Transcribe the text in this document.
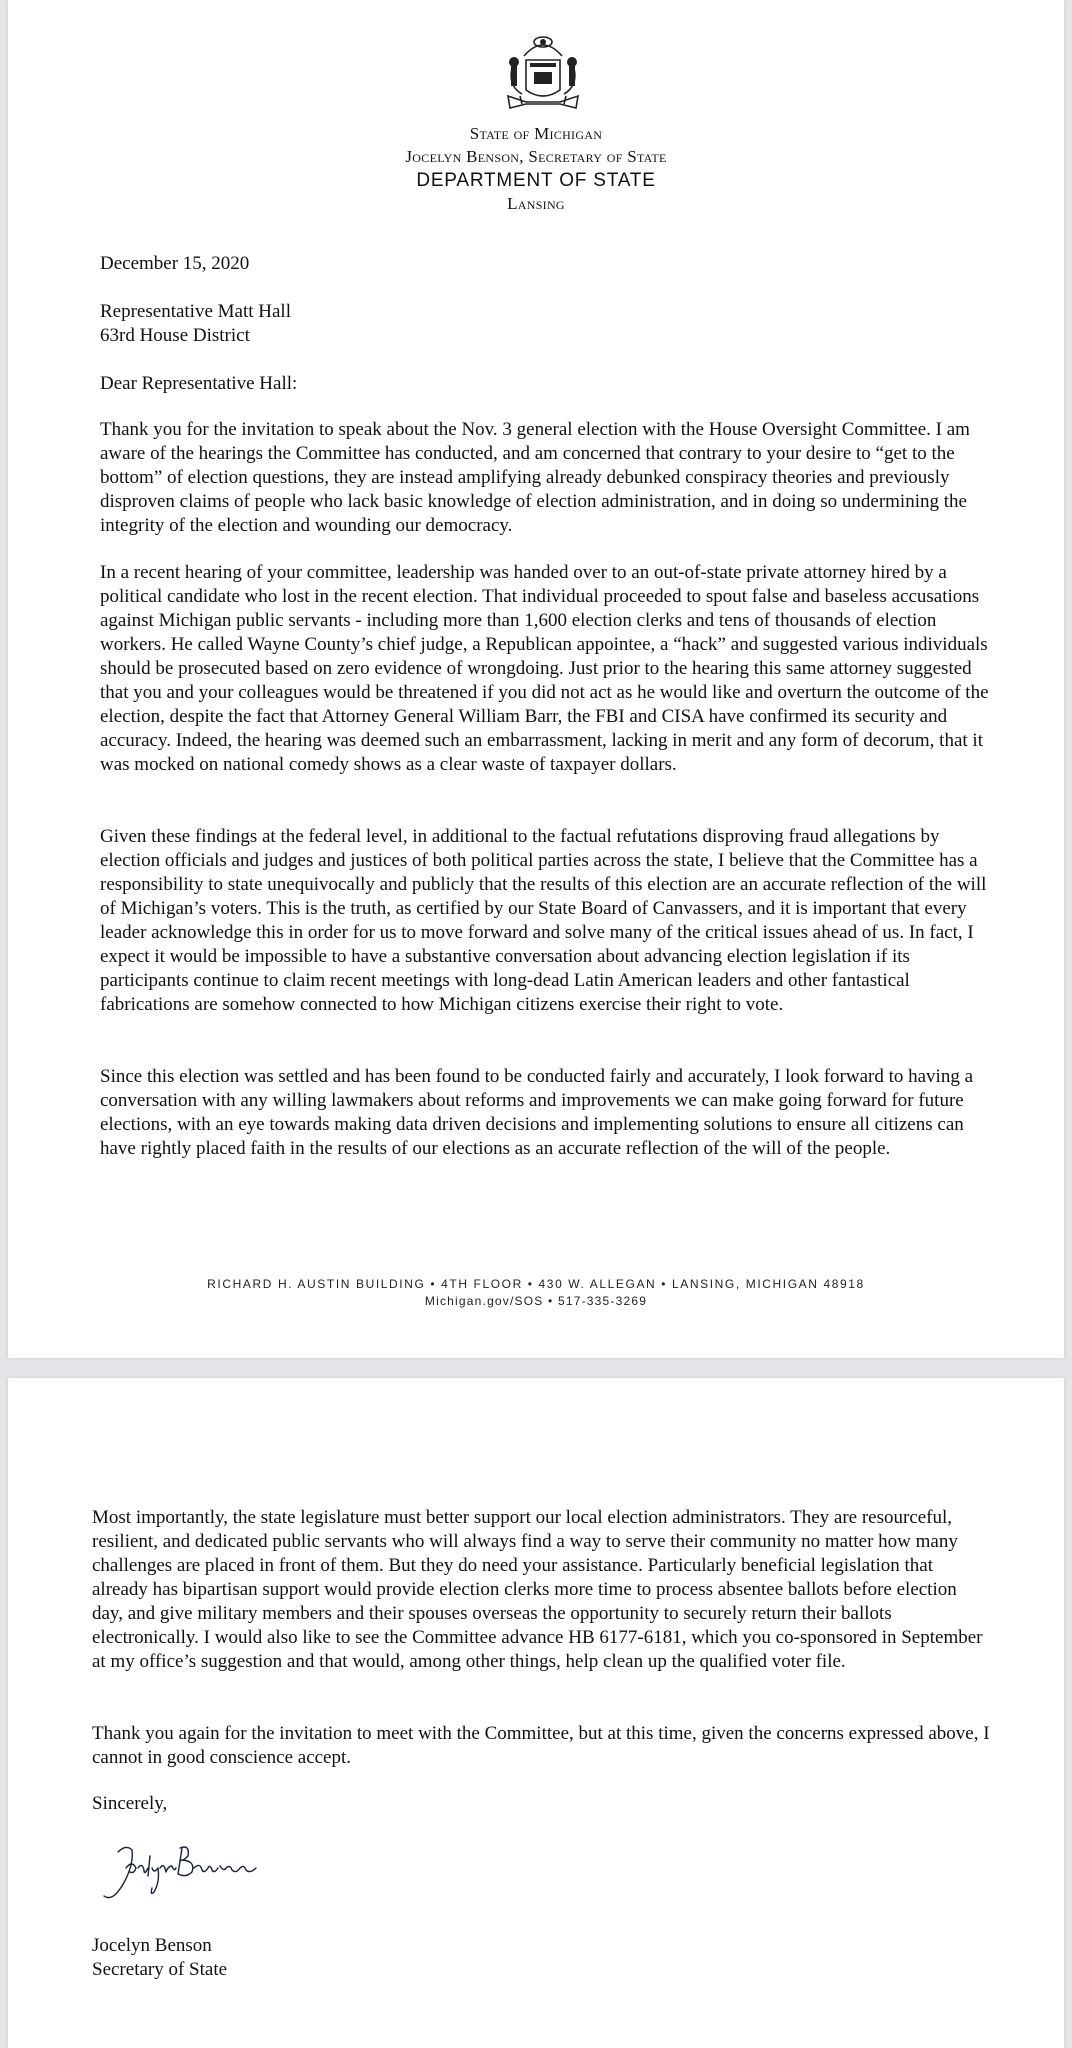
State of Michigan
Jocelyn Benson, Secretary of State
DEPARTMENT OF STATE
Lansing
December 15, 2020
Representative Matt Hall
63rd House District
Dear Representative Hall:
Thank you for the invitation to speak about the Nov. 3 general election with the House Oversight Committee. I am aware of the hearings the Committee has conducted, and am concerned that contrary to your desire to “get to the bottom” of election questions, they are instead amplifying already debunked conspiracy theories and previously disproven claims of people who lack basic knowledge of election administration, and in doing so undermining the integrity of the election and wounding our democracy.
In a recent hearing of your committee, leadership was handed over to an out-of-state private attorney hired by a political candidate who lost in the recent election. That individual proceeded to spout false and baseless accusations against Michigan public servants - including more than 1,600 election clerks and tens of thousands of election workers. He called Wayne County’s chief judge, a Republican appointee, a “hack” and suggested various individuals should be prosecuted based on zero evidence of wrongdoing. Just prior to the hearing this same attorney suggested that you and your colleagues would be threatened if you did not act as he would like and overturn the outcome of the election, despite the fact that Attorney General William Barr, the FBI and CISA have confirmed its security and accuracy. Indeed, the hearing was deemed such an embarrassment, lacking in merit and any form of decorum, that it was mocked on national comedy shows as a clear waste of taxpayer dollars.
Given these findings at the federal level, in additional to the factual refutations disproving fraud allegations by election officials and judges and justices of both political parties across the state, I believe that the Committee has a responsibility to state unequivocally and publicly that the results of this election are an accurate reflection of the will of Michigan’s voters. This is the truth, as certified by our State Board of Canvassers, and it is important that every leader acknowledge this in order for us to move forward and solve many of the critical issues ahead of us. In fact, I expect it would be impossible to have a substantive conversation about advancing election legislation if its participants continue to claim recent meetings with long-dead Latin American leaders and other fantastical fabrications are somehow connected to how Michigan citizens exercise their right to vote.
Since this election was settled and has been found to be conducted fairly and accurately, I look forward to having a conversation with any willing lawmakers about reforms and improvements we can make going forward for future elections, with an eye towards making data driven decisions and implementing solutions to ensure all citizens can have rightly placed faith in the results of our elections as an accurate reflection of the will of the people.
RICHARD H. AUSTIN BUILDING • 4TH FLOOR • 430 W. ALLEGAN • LANSING, MICHIGAN 48918
Michigan.gov/SOS • 517-335-3269
Most importantly, the state legislature must better support our local election administrators. They are resourceful, resilient, and dedicated public servants who will always find a way to serve their community no matter how many challenges are placed in front of them. But they do need your assistance. Particularly beneficial legislation that already has bipartisan support would provide election clerks more time to process absentee ballots before election day, and give military members and their spouses overseas the opportunity to securely return their ballots electronically. I would also like to see the Committee advance HB 6177-6181, which you co-sponsored in September at my office’s suggestion and that would, among other things, help clean up the qualified voter file.
Thank you again for the invitation to meet with the Committee, but at this time, given the concerns expressed above, I cannot in good conscience accept.
Sincerely,
Jocelyn Benson
Secretary of State
